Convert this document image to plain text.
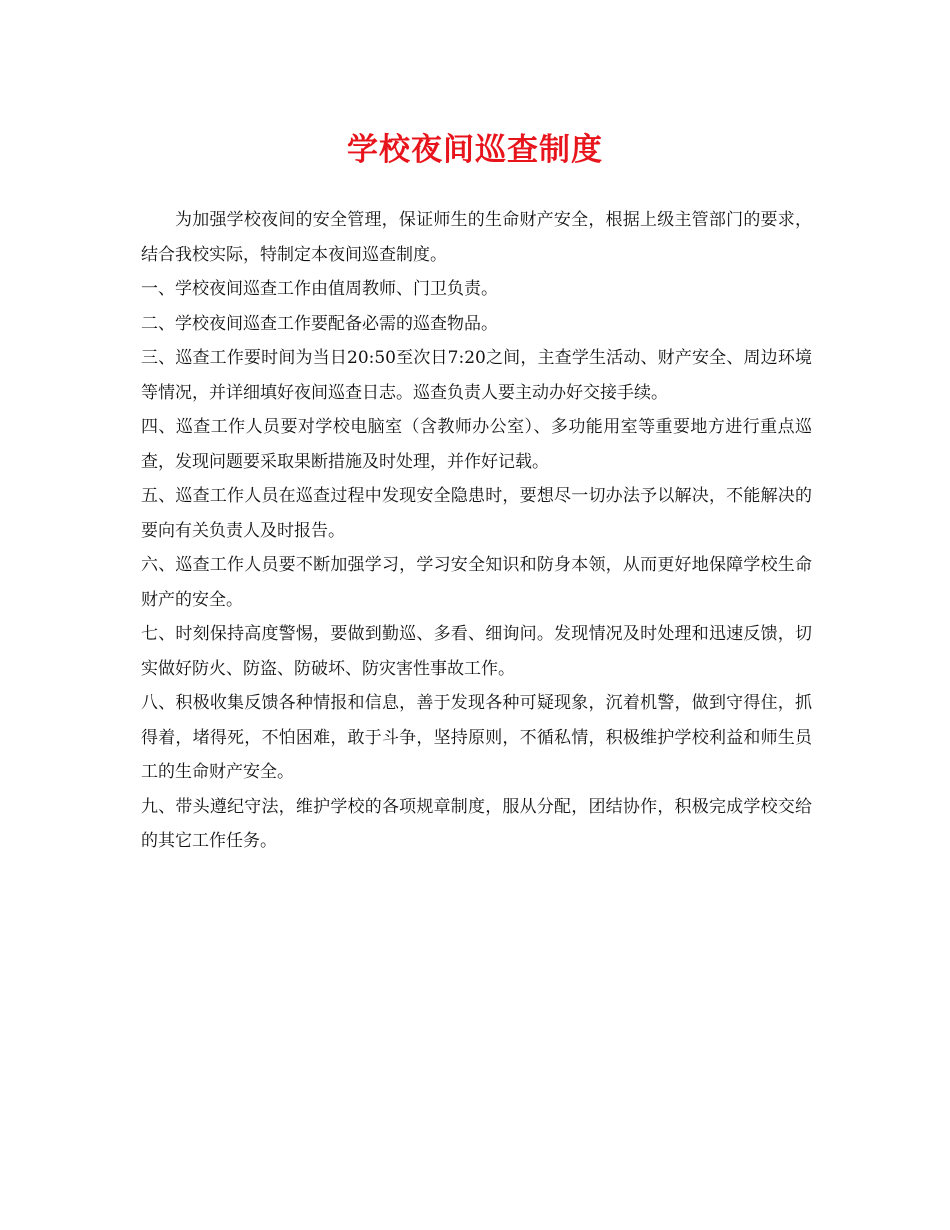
学校夜间巡查制度

为加强学校夜间的安全管理，保证师生的生命财产安全，根据上级主管部门的要求，结合我校实际，特制定本夜间巡查制度。

一、学校夜间巡查工作由值周教师、门卫负责。

二、学校夜间巡查工作要配备必需的巡查物品。

三、巡查工作要时间为当日20:50至次日7:20之间，主查学生活动、财产安全、周边环境等情况，并详细填好夜间巡查日志。巡查负责人要主动办好交接手续。

四、巡查工作人员要对学校电脑室（含教师办公室）、多功能用室等重要地方进行重点巡查，发现问题要采取果断措施及时处理，并作好记载。

五、巡查工作人员在巡查过程中发现安全隐患时，要想尽一切办法予以解决，不能解决的要向有关负责人及时报告。

六、巡查工作人员要不断加强学习，学习安全知识和防身本领，从而更好地保障学校生命财产的安全。

七、时刻保持高度警惕，要做到勤巡、多看、细询问。发现情况及时处理和迅速反馈，切实做好防火、防盗、防破坏、防灾害性事故工作。

八、积极收集反馈各种情报和信息，善于发现各种可疑现象，沉着机警，做到守得住，抓得着，堵得死，不怕困难，敢于斗争，坚持原则，不循私情，积极维护学校利益和师生员工的生命财产安全。

九、带头遵纪守法，维护学校的各项规章制度，服从分配，团结协作，积极完成学校交给的其它工作任务。
